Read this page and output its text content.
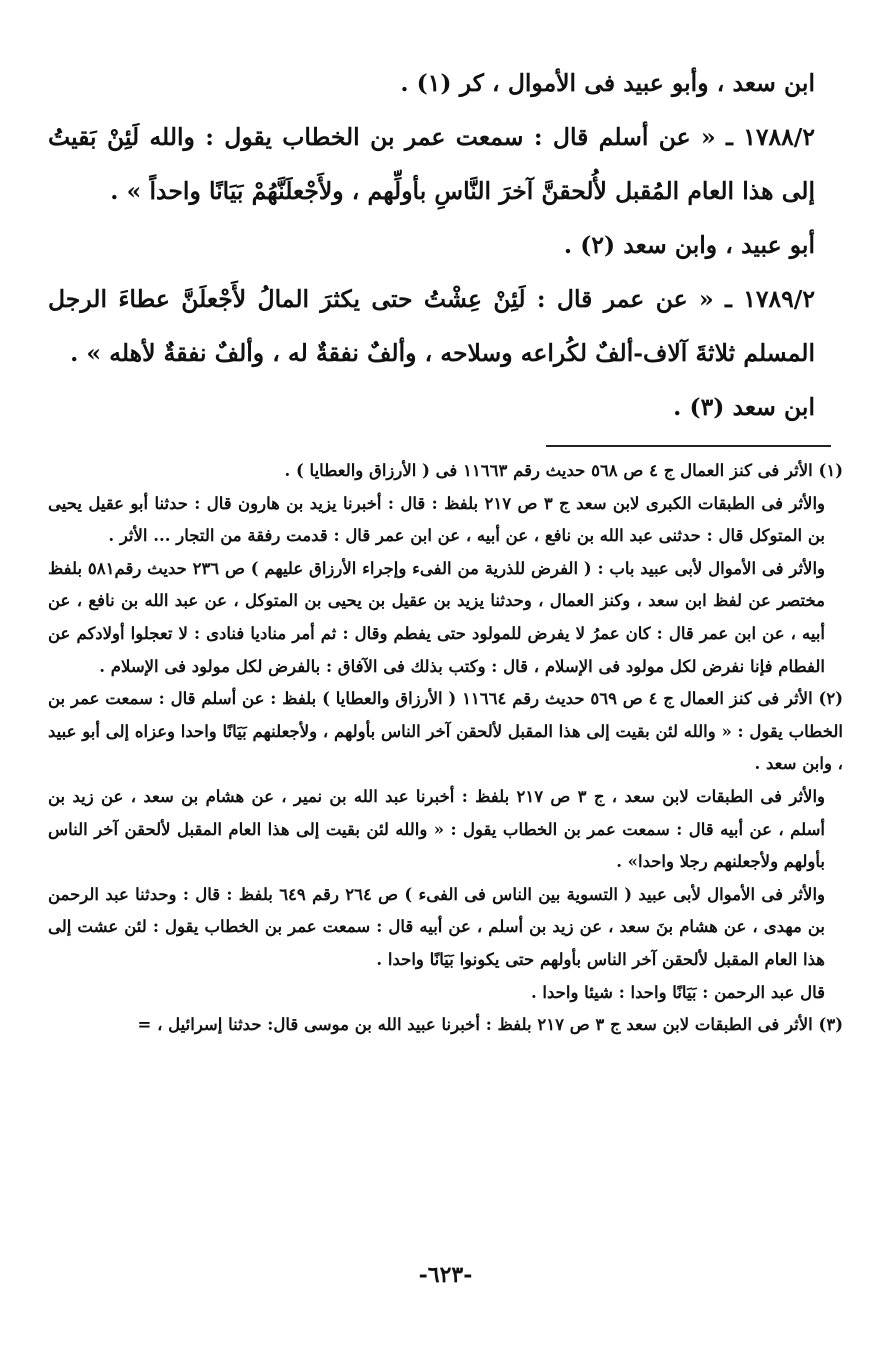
ابن سعد ، وأبو عبيد فى الأموال ، كر (١) .

١٧٨٨/٢ ـ « عن أسلم قال : سمعت عمر بن الخطاب يقول : والله لَئِنْ بَقيتُ إلى هذا العام المُقبل لأُلحقنَّ آخرَ النَّاسِ بأولِّهم ، ولأَجْعلَنَّهُمْ بَيَانًا واحداً » .

أبو عبيد ، وابن سعد (٢) .

١٧٨٩/٢ ـ « عن عمر قال : لَئِنْ عِشْتُ حتى يكثرَ المالُ لأَجْعلَنَّ عطاءَ الرجل المسلم ثلاثةَ آلاف-ألفٌ لكُراعه وسلاحه ، وألفٌ نفقةٌ له ، وألفٌ نفقةٌ لأهله » .

ابن سعد (٣) .

(١) الأثر فى كنز العمال ج ٤ ص ٥٦٨ حديث رقم ١١٦٦٣ فى ( الأرزاق والعطايا ) .

والأثر فى الطبقات الكبرى لابن سعد ج ٣ ص ٢١٧ بلفظ : قال : أخبرنا يزيد بن هارون قال : حدثنا أبو عقيل يحيى بن المتوكل قال : حدثنى عبد الله بن نافع ، عن أبيه ، عن ابن عمر قال : قدمت رفقة من التجار ... الأثر .

والأثر فى الأموال لأبى عبيد باب : ( الفرض للذرية من الفىء وإجراء الأرزاق عليهم ) ص ٢٣٦ حديث رقم٥٨١ بلفظ مختصر عن لفظ ابن سعد ، وكنز العمال ، وحدثنا يزيد بن عقيل بن يحيى بن المتوكل ، عن عبد الله بن نافع ، عن أبيه ، عن ابن عمر قال : كان عمرُ لا يفرض للمولود حتى يفطم وقال : ثم أمر مناديا فنادى : لا تعجلوا أولادكم عن الفطام فإنا نفرض لكل مولود فى الإسلام ، قال : وكتب بذلك فى الآفاق : بالفرض لكل مولود فى الإسلام .

(٢) الأثر فى كنز العمال ج ٤ ص ٥٦٩ حديث رقم ١١٦٦٤ ( الأرزاق والعطايا ) بلفظ : عن أسلم قال : سمعت عمر بن الخطاب يقول : « والله لئن بقيت إلى هذا المقبل لألحقن آخر الناس بأولهم ، ولأجعلنهم بَيَانًا واحدا وعزاه إلى أبو عبيد ، وابن سعد .

والأثر فى الطبقات لابن سعد ، ج ٣ ص ٢١٧ بلفظ : أخبرنا عبد الله بن نمير ، عن هشام بن سعد ، عن زيد بن أسلم ، عن أبيه قال : سمعت عمر بن الخطاب يقول : « والله لئن بقيت إلى هذا العام المقبل لألحقن آخر الناس بأولهم ولأجعلنهم رجلا واحدا» .

والأثر فى الأموال لأبى عبيد ( التسوية بين الناس فى الفىء ) ص ٢٦٤ رقم ٦٤٩ بلفظ : قال : وحدثنا عبد الرحمن بن مهدى ، عن هشام بنَ سعد ، عن زيد بن أسلم ، عن أبيه قال : سمعت عمر بن الخطاب يقول : لئن عشت إلى هذا العام المقبل لألحقن آخر الناس بأولهم حتى يكونوا بَيَانًا واحدا .

قال عبد الرحمن : بَيَانًا واحدا : شيئا واحدا .

(٣) الأثر فى الطبقات لابن سعد ج ٣ ص ٢١٧ بلفظ : أخبرنا عبيد الله بن موسى قال: حدثنا إسرائيل ، =

-٦٢٣-
